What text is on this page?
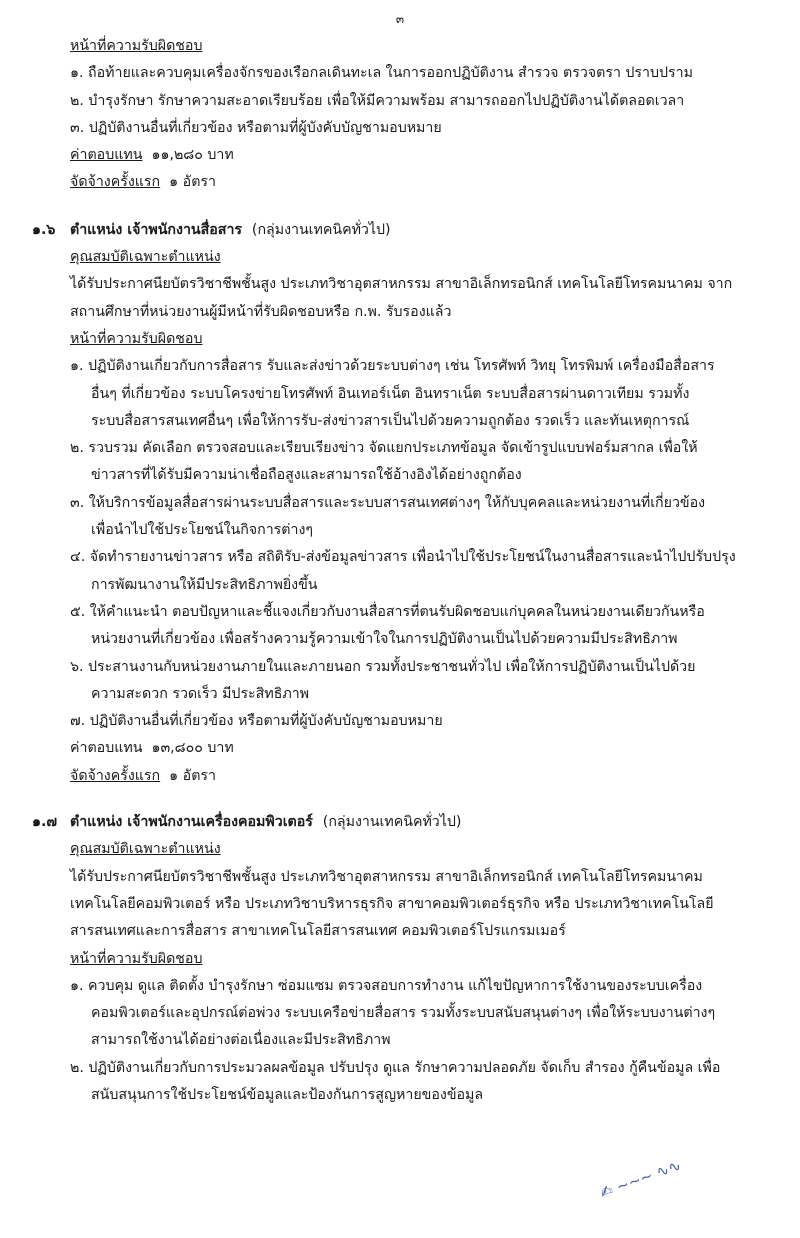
๓
หน้าที่ความรับผิดชอบ
๑. ถือท้ายและควบคุมเครื่องจักรของเรือกลเดินทะเล ในการออกปฏิบัติงาน สำรวจ ตรวจตรา ปราบปราม
๒. บำรุงรักษา รักษาความสะอาดเรียบร้อย เพื่อให้มีความพร้อม สามารถออกไปปฏิบัติงานได้ตลอดเวลา
๓. ปฏิบัติงานอื่นที่เกี่ยวข้อง หรือตามที่ผู้บังคับบัญชามอบหมาย
ค่าตอบแทน ๑๑,๒๘๐ บาท
จัดจ้างครั้งแรก ๑ อัตรา
๑.๖ ตำแหน่ง เจ้าพนักงานสื่อสาร (กลุ่มงานเทคนิคทั่วไป)
คุณสมบัติเฉพาะตำแหน่ง
ได้รับประกาศนียบัตรวิชาชีพชั้นสูง ประเภทวิชาอุตสาหกรรม สาขาอิเล็กทรอนิกส์ เทคโนโลยีโทรคมนาคม จาก
สถานศึกษาที่หน่วยงานผู้มีหน้าที่รับผิดชอบหรือ ก.พ. รับรองแล้ว
หน้าที่ความรับผิดชอบ
๑. ปฏิบัติงานเกี่ยวกับการสื่อสาร รับและส่งข่าวด้วยระบบต่างๆ เช่น โทรศัพท์ วิทยุ โทรพิมพ์ เครื่องมือสื่อสาร
อื่นๆ ที่เกี่ยวข้อง ระบบโครงข่ายโทรศัพท์ อินเทอร์เน็ต อินทราเน็ต ระบบสื่อสารผ่านดาวเทียม รวมทั้ง
ระบบสื่อสารสนเทศอื่นๆ เพื่อให้การรับ-ส่งข่าวสารเป็นไปด้วยความถูกต้อง รวดเร็ว และทันเหตุการณ์
๒. รวบรวม คัดเลือก ตรวจสอบและเรียบเรียงข่าว จัดแยกประเภทข้อมูล จัดเข้ารูปแบบฟอร์มสากล เพื่อให้
ข่าวสารที่ได้รับมีความน่าเชื่อถือสูงและสามารถใช้อ้างอิงได้อย่างถูกต้อง
๓. ให้บริการข้อมูลสื่อสารผ่านระบบสื่อสารและระบบสารสนเทศต่างๆ ให้กับบุคคลและหน่วยงานที่เกี่ยวข้อง
เพื่อนำไปใช้ประโยชน์ในกิจการต่างๆ
๔. จัดทำรายงานข่าวสาร หรือ สถิติรับ-ส่งข้อมูลข่าวสาร เพื่อนำไปใช้ประโยชน์ในงานสื่อสารและนำไปปรับปรุง
การพัฒนางานให้มีประสิทธิภาพยิ่งขึ้น
๕. ให้คำแนะนำ ตอบปัญหาและชี้แจงเกี่ยวกับงานสื่อสารที่ตนรับผิดชอบแก่บุคคลในหน่วยงานเดียวกันหรือ
หน่วยงานที่เกี่ยวข้อง เพื่อสร้างความรู้ความเข้าใจในการปฏิบัติงานเป็นไปด้วยความมีประสิทธิภาพ
๖. ประสานงานกับหน่วยงานภายในและภายนอก รวมทั้งประชาชนทั่วไป เพื่อให้การปฏิบัติงานเป็นไปด้วย
ความสะดวก รวดเร็ว มีประสิทธิภาพ
๗. ปฏิบัติงานอื่นที่เกี่ยวข้อง หรือตามที่ผู้บังคับบัญชามอบหมาย
ค่าตอบแทน ๑๓,๘๐๐ บาท
จัดจ้างครั้งแรก ๑ อัตรา
๑.๗ ตำแหน่ง เจ้าพนักงานเครื่องคอมพิวเตอร์ (กลุ่มงานเทคนิคทั่วไป)
คุณสมบัติเฉพาะตำแหน่ง
ได้รับประกาศนียบัตรวิชาชีพชั้นสูง ประเภทวิชาอุตสาหกรรม สาขาอิเล็กทรอนิกส์ เทคโนโลยีโทรคมนาคม
เทคโนโลยีคอมพิวเตอร์ หรือ ประเภทวิชาบริหารธุรกิจ สาขาคอมพิวเตอร์ธุรกิจ หรือ ประเภทวิชาเทคโนโลยี
สารสนเทศและการสื่อสาร สาขาเทคโนโลยีสารสนเทศ คอมพิวเตอร์โปรแกรมเมอร์
หน้าที่ความรับผิดชอบ
๑. ควบคุม ดูแล ติดตั้ง บำรุงรักษา ซ่อมแซม ตรวจสอบการทำงาน แก้ไขปัญหาการใช้งานของระบบเครื่อง
คอมพิวเตอร์และอุปกรณ์ต่อพ่วง ระบบเครือข่ายสื่อสาร รวมทั้งระบบสนับสนุนต่างๆ เพื่อให้ระบบงานต่างๆ
สามารถใช้งานได้อย่างต่อเนื่องและมีประสิทธิภาพ
๒. ปฏิบัติงานเกี่ยวกับการประมวลผลข้อมูล ปรับปรุง ดูแล รักษาความปลอดภัย จัดเก็บ สำรอง กู้คืนข้อมูล เพื่อ
สนับสนุนการใช้ประโยชน์ข้อมูลและป้องกันการสูญหายของข้อมูล
✍︎ ~~~ ∿∿
